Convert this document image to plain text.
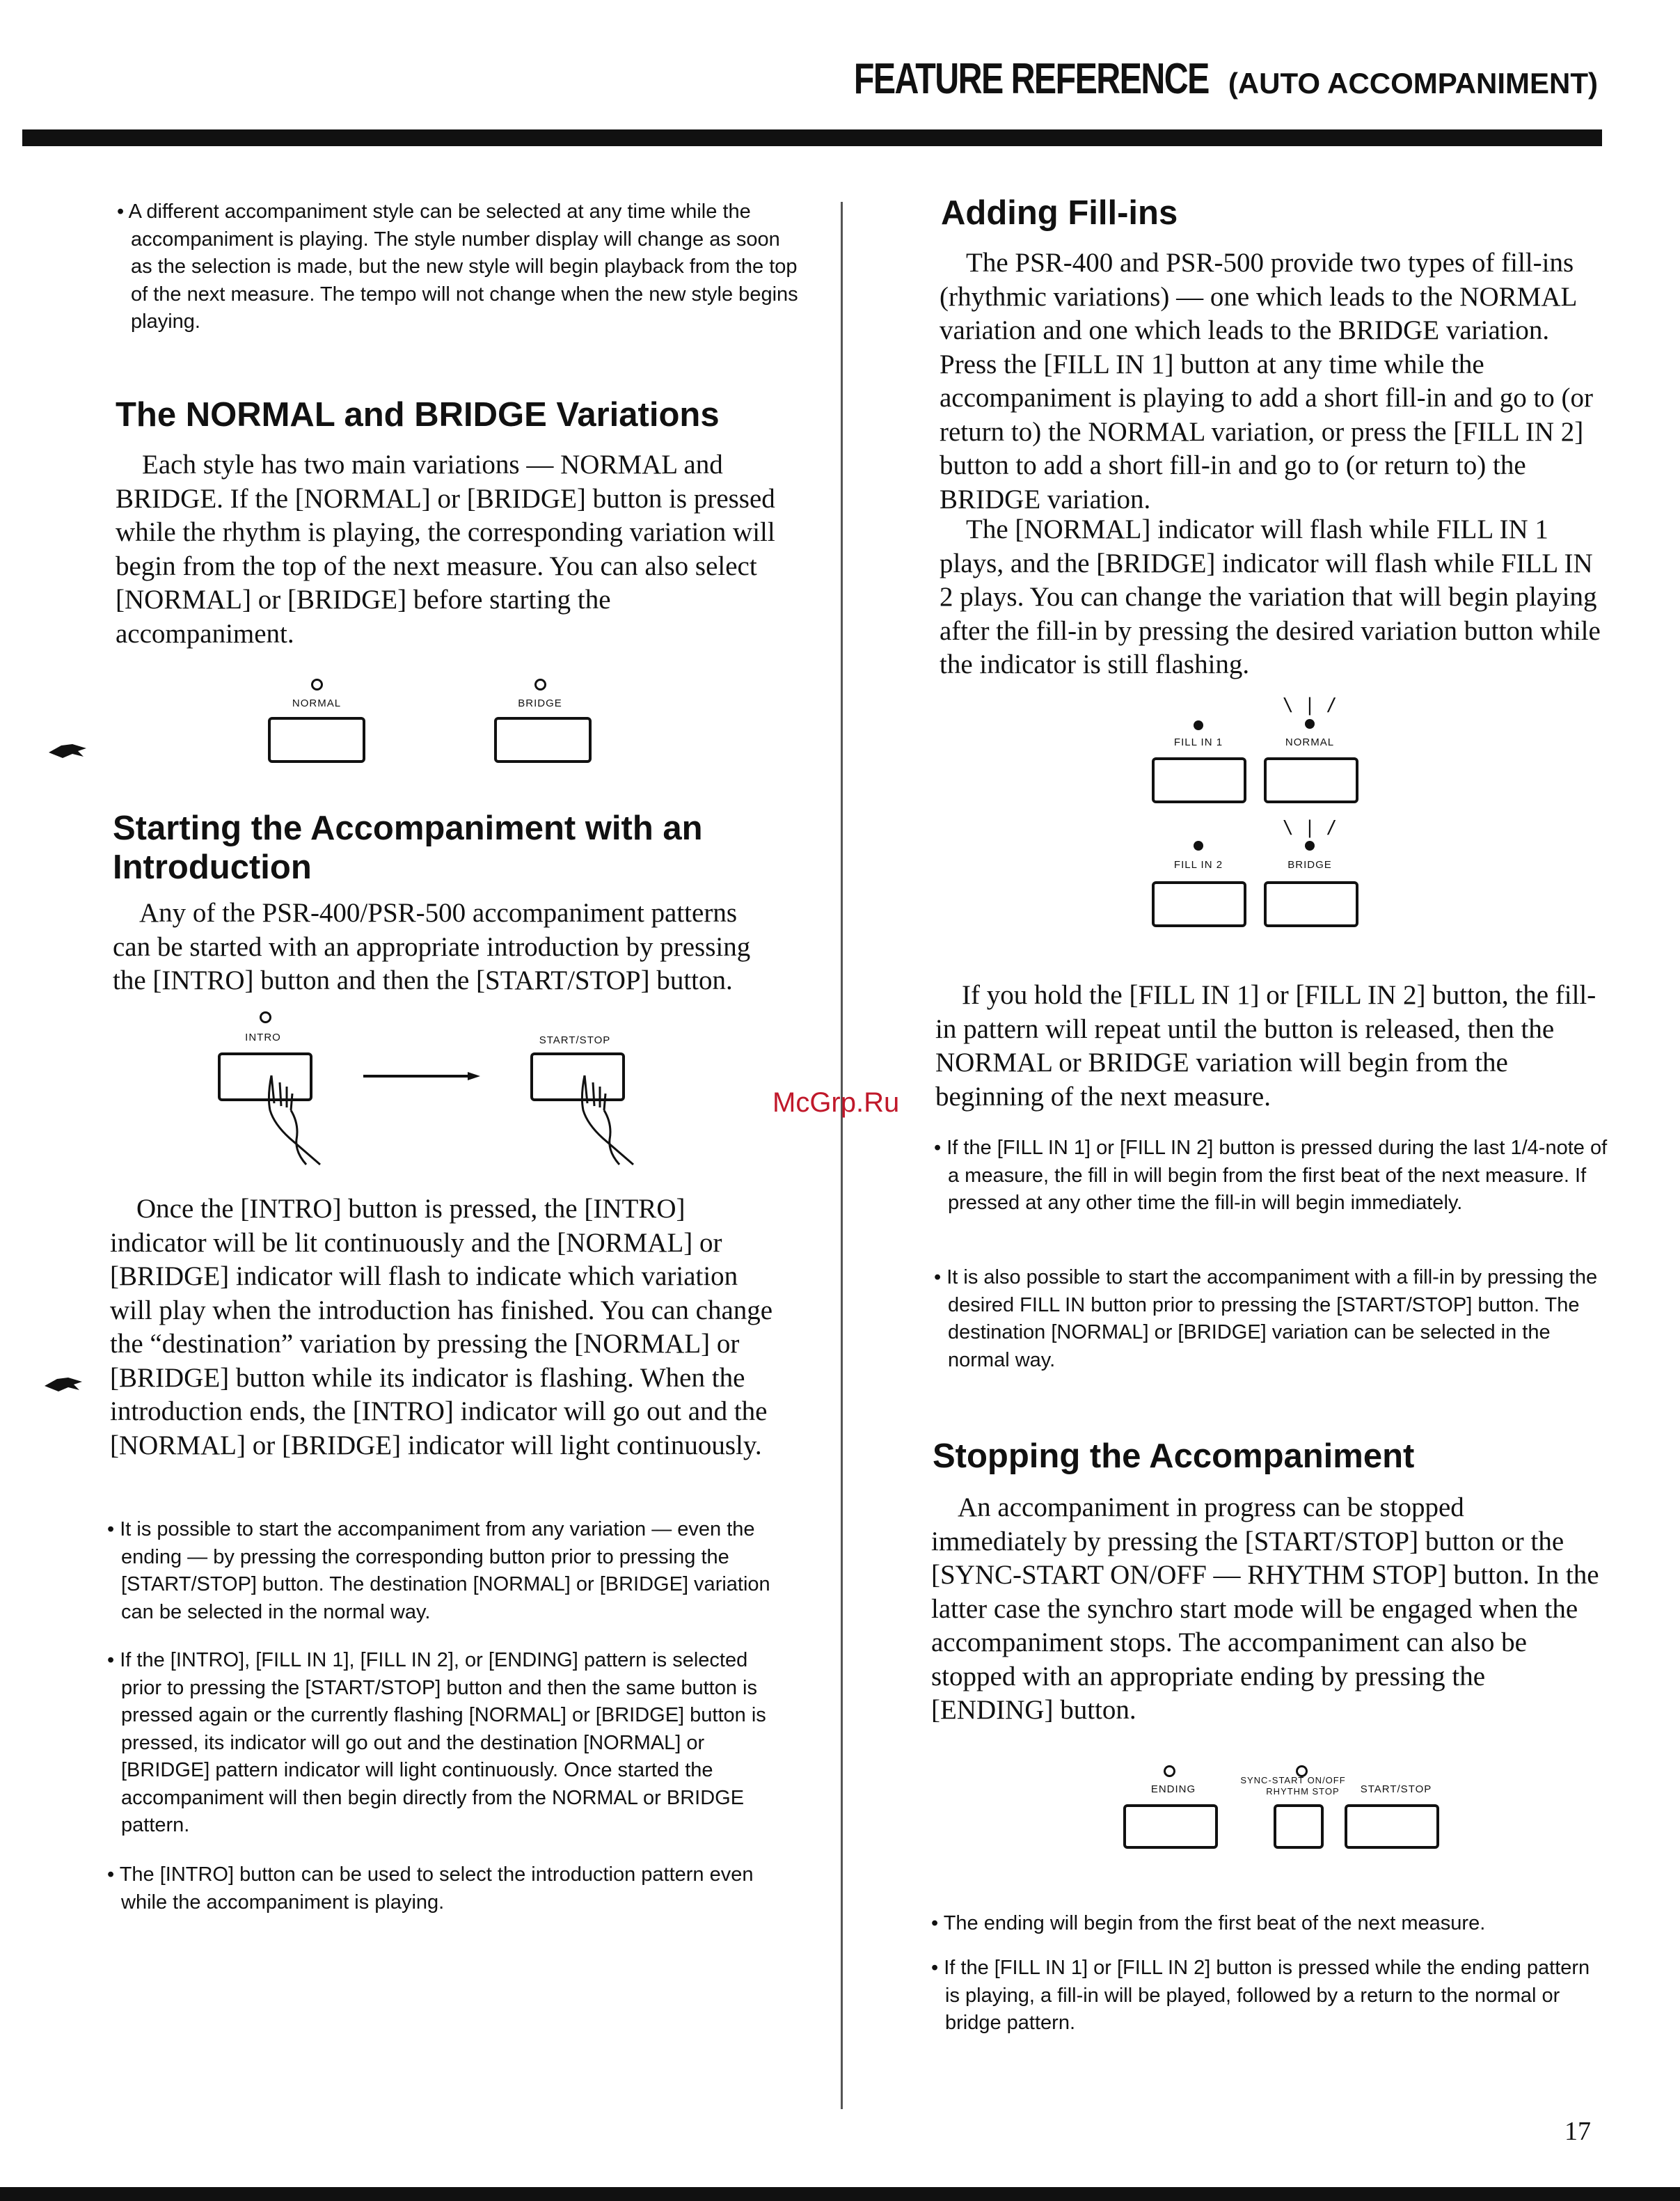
FEATURE REFERENCE (AUTO ACCOMPANIMENT)

• A different accompaniment style can be selected at any time while the accompaniment is playing. The style number display will change as soon as the selection is made, but the new style will begin playback from the top of the next measure. The tempo will not change when the new style begins playing.

The NORMAL and BRIDGE Variations

Each style has two main variations — NORMAL and BRIDGE. If the [NORMAL] or [BRIDGE] button is pressed while the rhythm is playing, the corresponding variation will begin from the top of the next measure. You can also select [NORMAL] or [BRIDGE] before starting the accompaniment.

NORMAL	BRIDGE
Starting the Accompaniment with an Introduction

Any of the PSR-400/PSR-500 accompaniment patterns can be started with an appropriate introduction by pressing the [INTRO] button and then the [START/STOP] button.

INTRO	START/STOP

Once the [INTRO] button is pressed, the [INTRO] indicator will be lit continuously and the [NORMAL] or [BRIDGE] indicator will flash to indicate which variation will play when the introduction has finished. You can change the “destination” variation by pressing the [NORMAL] or [BRIDGE] button while its indicator is flashing. When the introduction ends, the [INTRO] indicator will go out and the [NORMAL] or [BRIDGE] indicator will light continuously.

• It is possible to start the accompaniment from any variation — even the ending — by pressing the corresponding button prior to pressing the [START/STOP] button. The destination [NORMAL] or [BRIDGE] variation can be selected in the normal way.

• If the [INTRO], [FILL IN 1], [FILL IN 2], or [ENDING] pattern is selected prior to pressing the [START/STOP] button and then the same button is pressed again or the currently flashing [NORMAL] or [BRIDGE] button is pressed, its indicator will go out and the destination [NORMAL] or [BRIDGE] pattern indicator will light continuously. Once started the accompaniment will then begin directly from the NORMAL or BRIDGE pattern.

• The [INTRO] button can be used to select the introduction pattern even while the accompaniment is playing.

Adding Fill-ins

The PSR-400 and PSR-500 provide two types of fill-ins (rhythmic variations) — one which leads to the NORMAL variation and one which leads to the BRIDGE variation. Press the [FILL IN 1] button at any time while the accompaniment is playing to add a short fill-in and go to (or return to) the NORMAL variation, or press the [FILL IN 2] button to add a short fill-in and go to (or return to) the BRIDGE variation.

The [NORMAL] indicator will flash while FILL IN 1 plays, and the [BRIDGE] indicator will flash while FILL IN 2 plays. You can change the variation that will begin playing after the fill-in by pressing the desired variation button while the indicator is still flashing.

FILL IN 1
\ | /
NORMAL
FILL IN 2
\ | /
BRIDGE

If you hold the [FILL IN 1] or [FILL IN 2] button, the fill-in pattern will repeat until the button is released, then the NORMAL or BRIDGE variation will begin from the beginning of the next measure.

• If the [FILL IN 1] or [FILL IN 2] button is pressed during the last 1/4-note of a measure, the fill in will begin from the first beat of the next measure. If pressed at any other time the fill-in will begin immediately.

• It is also possible to start the accompaniment with a fill-in by pressing the desired FILL IN button prior to pressing the [START/STOP] button. The destination [NORMAL] or [BRIDGE] variation can be selected in the normal way.

Stopping the Accompaniment

An accompaniment in progress can be stopped immediately by pressing the [START/STOP] button or the [SYNC-START ON/OFF — RHYTHM STOP] button. In the latter case the synchro start mode will be engaged when the accompaniment stops. The accompaniment can also be stopped with an appropriate ending by pressing the [ENDING] button.

ENDING
SYNC-START ON/OFF
RHYTHM STOP	START/STOP

• The ending will begin from the first beat of the next measure.

• If the [FILL IN 1] or [FILL IN 2] button is pressed while the ending pattern is playing, a fill-in will be played, followed by a return to the normal or bridge pattern.

McGrp.Ru
17
